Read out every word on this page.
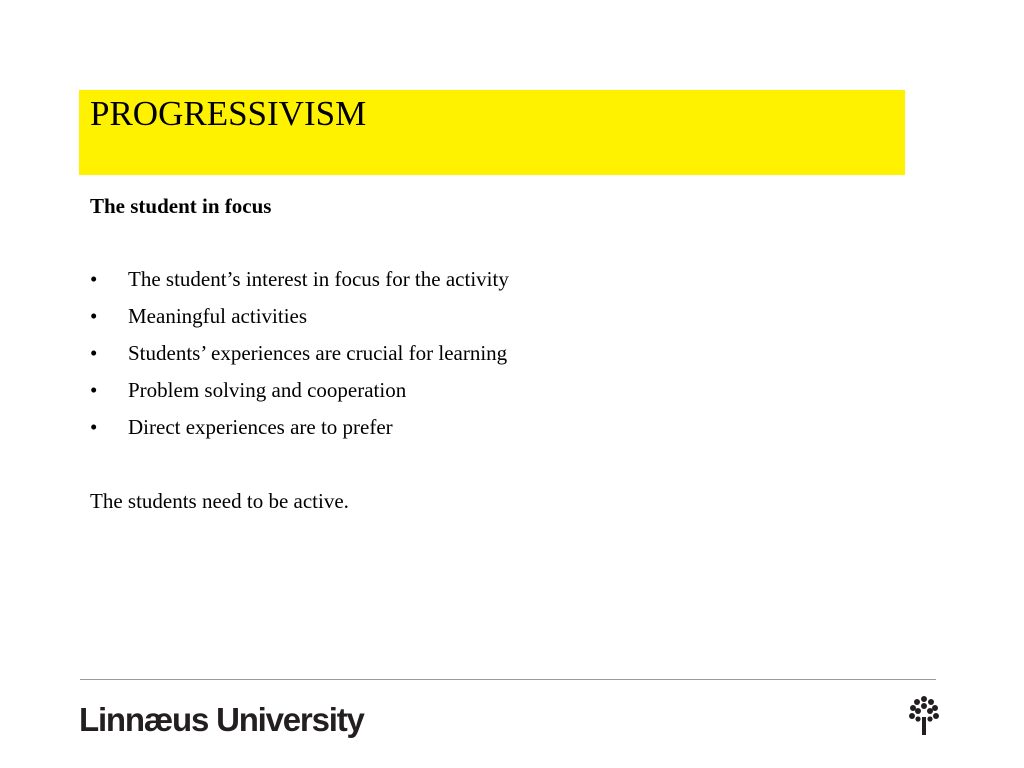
PROGRESSIVISM

The student in focus

•	The student’s interest in focus for the activity
•	Meaningful activities
•	Students’ experiences are crucial for learning
•	Problem solving and cooperation
•	Direct experiences are to prefer

The students need to be active.

Linnæus University
